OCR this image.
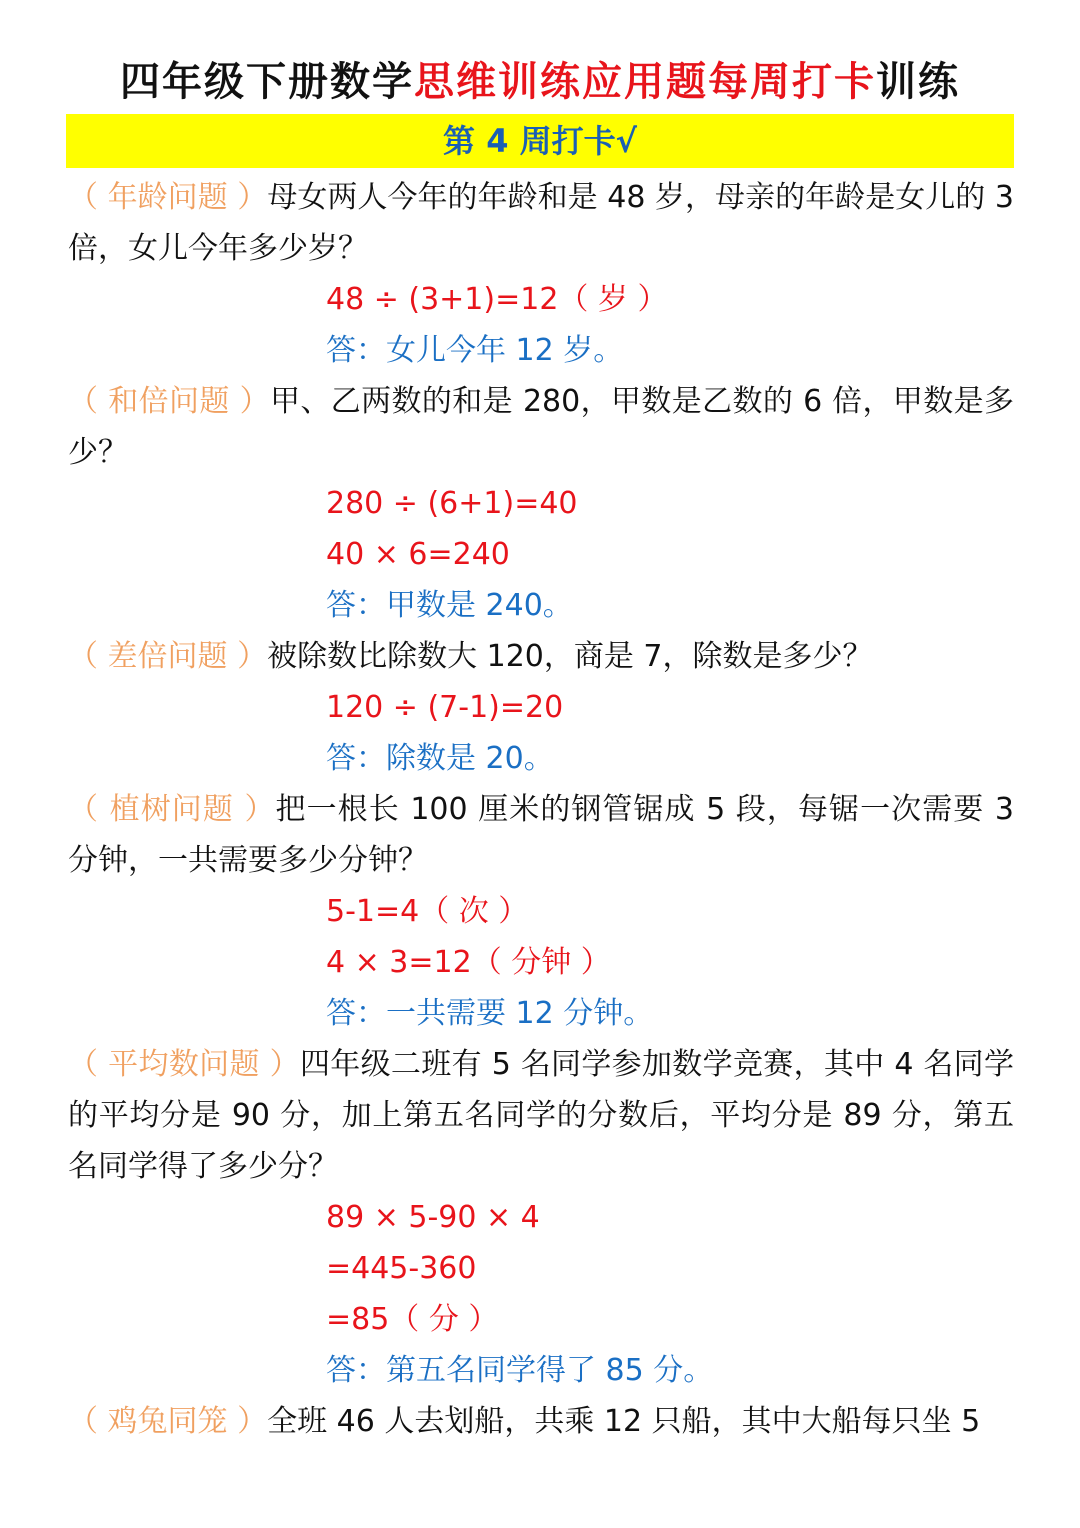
四年级下册数学思维训练应用题每周打卡训练
第 4 周打卡√
（ 年龄问题 ）母女两人今年的年龄和是 48 岁，母亲的年龄是女儿的 3 倍，女儿今年多少岁？
48 ÷ (3+1)=12（ 岁 ）
答：女儿今年 12 岁。
（ 和倍问题 ）甲、乙两数的和是 280，甲数是乙数的 6 倍，甲数是多少？
280 ÷ (6+1)=40
40 × 6=240
答：甲数是 240。
（ 差倍问题 ）被除数比除数大 120，商是 7，除数是多少？
120 ÷ (7-1)=20
答：除数是 20。
（ 植树问题 ）把一根长 100 厘米的钢管锯成 5 段，每锯一次需要 3 分钟，一共需要多少分钟？
5-1=4（ 次 ）
4 × 3=12（ 分钟 ）
答：一共需要 12 分钟。
（ 平均数问题 ）四年级二班有 5 名同学参加数学竞赛，其中 4 名同学的平均分是 90 分，加上第五名同学的分数后，平均分是 89 分，第五名同学得了多少分？
89 × 5-90 × 4
=445-360
=85（ 分 ）
答：第五名同学得了 85 分。
（ 鸡兔同笼 ）全班 46 人去划船，共乘 12 只船，其中大船每只坐 5
